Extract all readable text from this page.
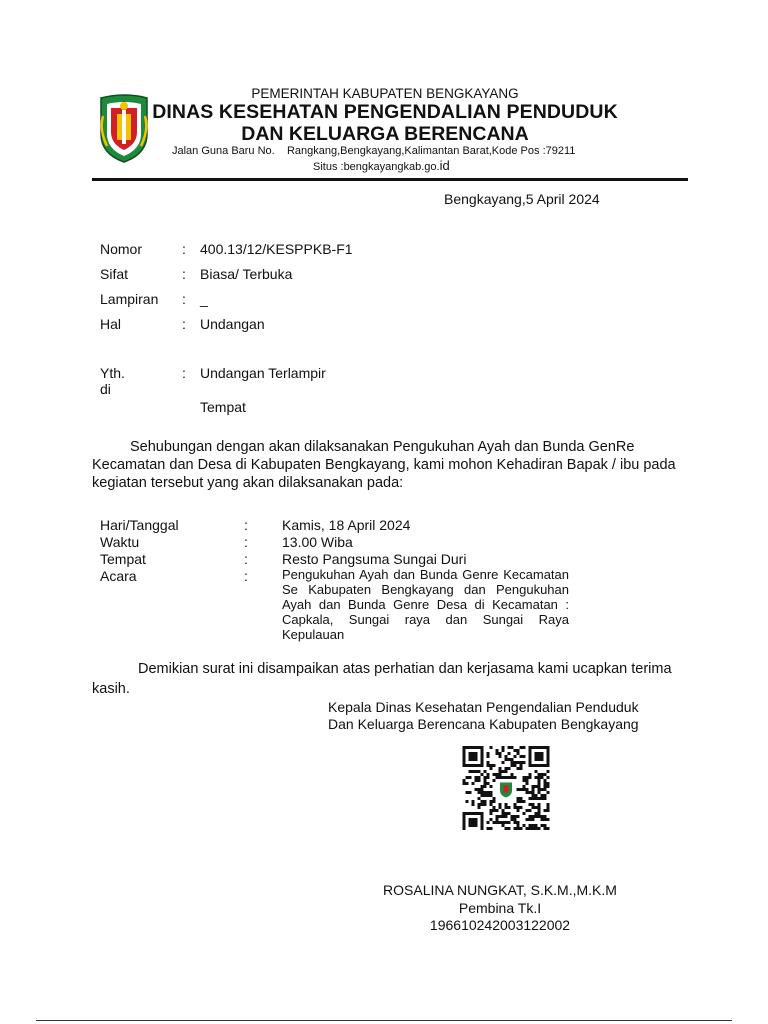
PEMERINTAH KABUPATEN BENGKAYANG
DINAS KESEHATAN PENGENDALIAN PENDUDUK
DAN KELUARGA BERENCANA
Jalan Guna Baru No.    Rangkang,Bengkayang,Kalimantan Barat,Kode Pos :79211
Situs :bengkayangkab.go.id
Bengkayang,5 April 2024
Nomor	: 400.13/12/KESPPKB-F1
Sifat	: Biasa/ Terbuka
Lampiran : _
Hal	: Undangan
Yth.
di
: Undangan Terlampir
Tempat
Sehubungan dengan akan dilaksanakan Pengukuhan Ayah dan Bunda GenRe Kecamatan dan Desa di Kabupaten Bengkayang, kami mohon Kehadiran Bapak / ibu pada kegiatan tersebut yang akan dilaksanakan pada:
Hari/Tanggal	: Kamis, 18 April 2024
Waktu	: 13.00 Wiba
Tempat	: Resto Pangsuma Sungai Duri
Acara	:	Pengukuhan Ayah dan Bunda Genre Kecamatan Se Kabupaten Bengkayang dan Pengukuhan Ayah dan Bunda Genre Desa di Kecamatan : Capkala, Sungai raya dan Sungai Raya Kepulauan
Demikian surat ini disampaikan atas perhatian dan kerjasama kami ucapkan terima kasih.
Kepala Dinas Kesehatan Pengendalian Penduduk
Dan Keluarga Berencana Kabupaten Bengkayang
ROSALINA NUNGKAT, S.K.M.,M.K.M
Pembina Tk.I
196610242003122002
